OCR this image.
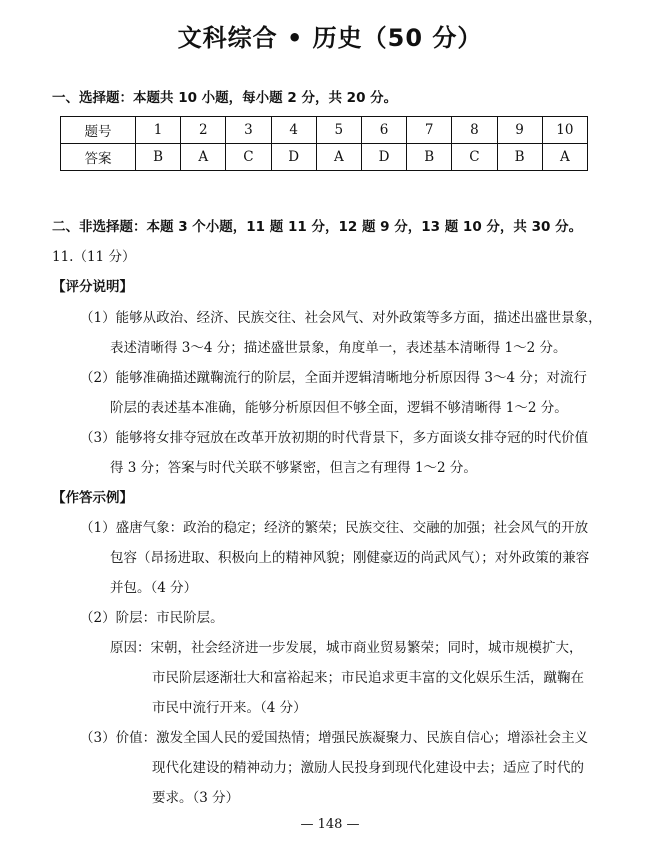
文科综合 • 历史（50 分）
一、选择题：本题共 10 小题，每小题 2 分，共 20 分。
题号	1	2	3	4	5	6	7	8	9	10
答案	B	A	C	D	A	D	B	C	B	A
二、非选择题：本题 3 个小题，11 题 11 分，12 题 9 分，13 题 10 分，共 30 分。
11.（11 分）
【评分说明】
（1）能够从政治、经济、民族交往、社会风气、对外政策等多方面，描述出盛世景象，
表述清晰得 3～4 分；描述盛世景象，角度单一，表述基本清晰得 1～2 分。
（2）能够准确描述蹴鞠流行的阶层，全面并逻辑清晰地分析原因得 3～4 分；对流行
阶层的表述基本准确，能够分析原因但不够全面，逻辑不够清晰得 1～2 分。
（3）能够将女排夺冠放在改革开放初期的时代背景下，多方面谈女排夺冠的时代价值
得 3 分；答案与时代关联不够紧密，但言之有理得 1～2 分。
【作答示例】
（1）盛唐气象：政治的稳定；经济的繁荣；民族交往、交融的加强；社会风气的开放
包容（昂扬进取、积极向上的精神风貌；刚健豪迈的尚武风气）；对外政策的兼容
并包。（4 分）
（2）阶层：市民阶层。
原因：宋朝，社会经济进一步发展，城市商业贸易繁荣；同时，城市规模扩大，
市民阶层逐渐壮大和富裕起来；市民追求更丰富的文化娱乐生活，蹴鞠在
市民中流行开来。（4 分）
（3）价值：激发全国人民的爱国热情；增强民族凝聚力、民族自信心；增添社会主义
现代化建设的精神动力；激励人民投身到现代化建设中去；适应了时代的
要求。（3 分）
— 148 —
